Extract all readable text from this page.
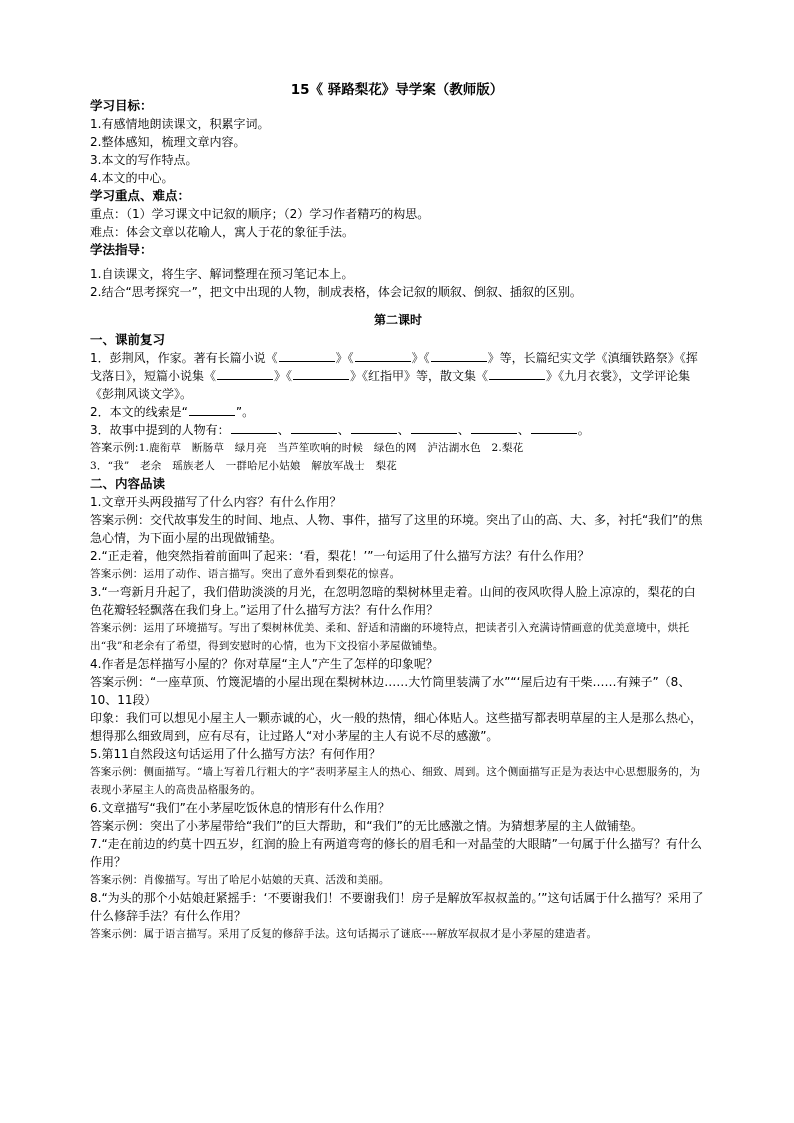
15《 驿路梨花》导学案（教师版）

学习目标：

1.有感情地朗读课文，积累字词。

2.整体感知，梳理文章内容。

3.本文的写作特点。

4.本文的中心。

学习重点、难点：

重点：（1）学习课文中记叙的顺序；（2）学习作者精巧的构思。

难点：体会文章以花喻人，寓人于花的象征手法。

学法指导：

1.自读课文，将生字、解词整理在预习笔记本上。

2.结合“思考探究一”，把文中出现的人物，制成表格，体会记叙的顺叙、倒叙、插叙的区别。

第二课时

一、课前复习

1．彭荆风，作家。著有长篇小说《	》《	》《	》等，长篇纪实文学《滇缅铁路祭》《挥戈落日》，短篇小说集《	》《	》《红指甲》等，散文集《	》《九月衣裳》，文学评论集《彭荆风谈文学》。

2．本文的线索是“	”。

3．故事中提到的人物有：	、	、	、	、	、	。

答案示例:1.鹿衔草　断肠草　绿月亮　当芦笙吹响的时候　绿色的网　泸沽湖水色　2.梨花

3．“我”　老余　瑶族老人　一群哈尼小姑娘　解放军战士　梨花

二、内容品读

1.文章开头两段描写了什么内容？有什么作用？

答案示例：交代故事发生的时间、地点、人物、事件，描写了这里的环境。突出了山的高、大、多，衬托“我们”的焦急心情，为下面小屋的出现做铺垫。

2.“正走着，他突然指着前面叫了起来：‘看，梨花！’”一句运用了什么描写方法？有什么作用？

答案示例：运用了动作、语言描写。突出了意外看到梨花的惊喜。

3.“一弯新月升起了，我们借助淡淡的月光，在忽明忽暗的梨树林里走着。山间的夜风吹得人脸上凉凉的，梨花的白色花瓣轻轻飘落在我们身上。”运用了什么描写方法？有什么作用？

答案示例：运用了环境描写。写出了梨树林优美、柔和、舒适和清幽的环境特点，把读者引入充满诗情画意的优美意境中，烘托出“我”和老余有了希望，得到安慰时的心情，也为下文投宿小茅屋做铺垫。

4.作者是怎样描写小屋的？你对草屋“主人”产生了怎样的印象呢？

答案示例：“一座草顶、竹篾泥墙的小屋出现在梨树林边……大竹筒里装满了水”“‘屋后边有干柴……有辣子”（8、10、11段）

印象：我们可以想见小屋主人一颗赤诚的心，火一般的热情，细心体贴人。这些描写都表明草屋的主人是那么热心，想得那么细致周到，应有尽有，让过路人“对小茅屋的主人有说不尽的感激”。

5.第11自然段这句话运用了什么描写方法？有何作用？

答案示例：侧面描写。“墙上写着几行粗大的字”表明茅屋主人的热心、细致、周到。这个侧面描写正是为表达中心思想服务的，为表现小茅屋主人的高贵品格服务的。

6.文章描写“我们”在小茅屋吃饭休息的情形有什么作用？

答案示例：突出了小茅屋带给“我们”的巨大帮助，和“我们”的无比感激之情。为猜想茅屋的主人做铺垫。

7.“走在前边的约莫十四五岁，红润的脸上有两道弯弯的修长的眉毛和一对晶莹的大眼睛”一句属于什么描写？有什么作用？

答案示例：肖像描写。写出了哈尼小姑娘的天真、活泼和美丽。

8.“为头的那个小姑娘赶紧摇手：‘不要谢我们！不要谢我们！房子是解放军叔叔盖的。’”这句话属于什么描写？采用了什么修辞手法？有什么作用？

答案示例：属于语言描写。采用了反复的修辞手法。这句话揭示了谜底----解放军叔叔才是小茅屋的建造者。
